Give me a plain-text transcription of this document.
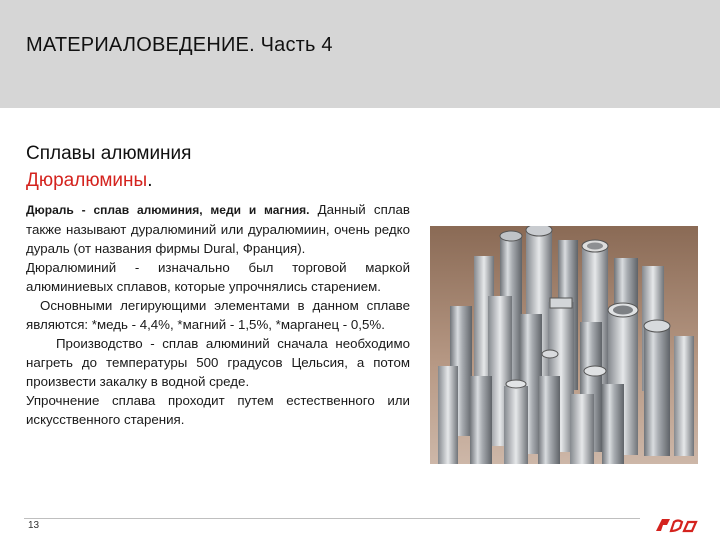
МАТЕРИАЛОВЕДЕНИЕ. Часть 4
Сплавы алюминия
Дюралюмины.

Дюраль - сплав алюминия, меди и магния. Данный сплав также называют дуралюминий или дуралюмиин, очень редко дураль (от названия фирмы Dural, Франция).

Дюралюминий - изначально был торговой маркой алюминиевых сплавов, которые упрочнялись старением.

Основными легирующими элементами в данном сплаве являются: *медь - 4,4%, *магний - 1,5%, *марганец - 0,5%.

Производство - сплав алюминий сначала необходимо нагреть до температуры 500 градусов Цельсия, а потом произвести закалку в водной среде.

Упрочнение сплава проходит путем естественного или искусственного старения.

13
